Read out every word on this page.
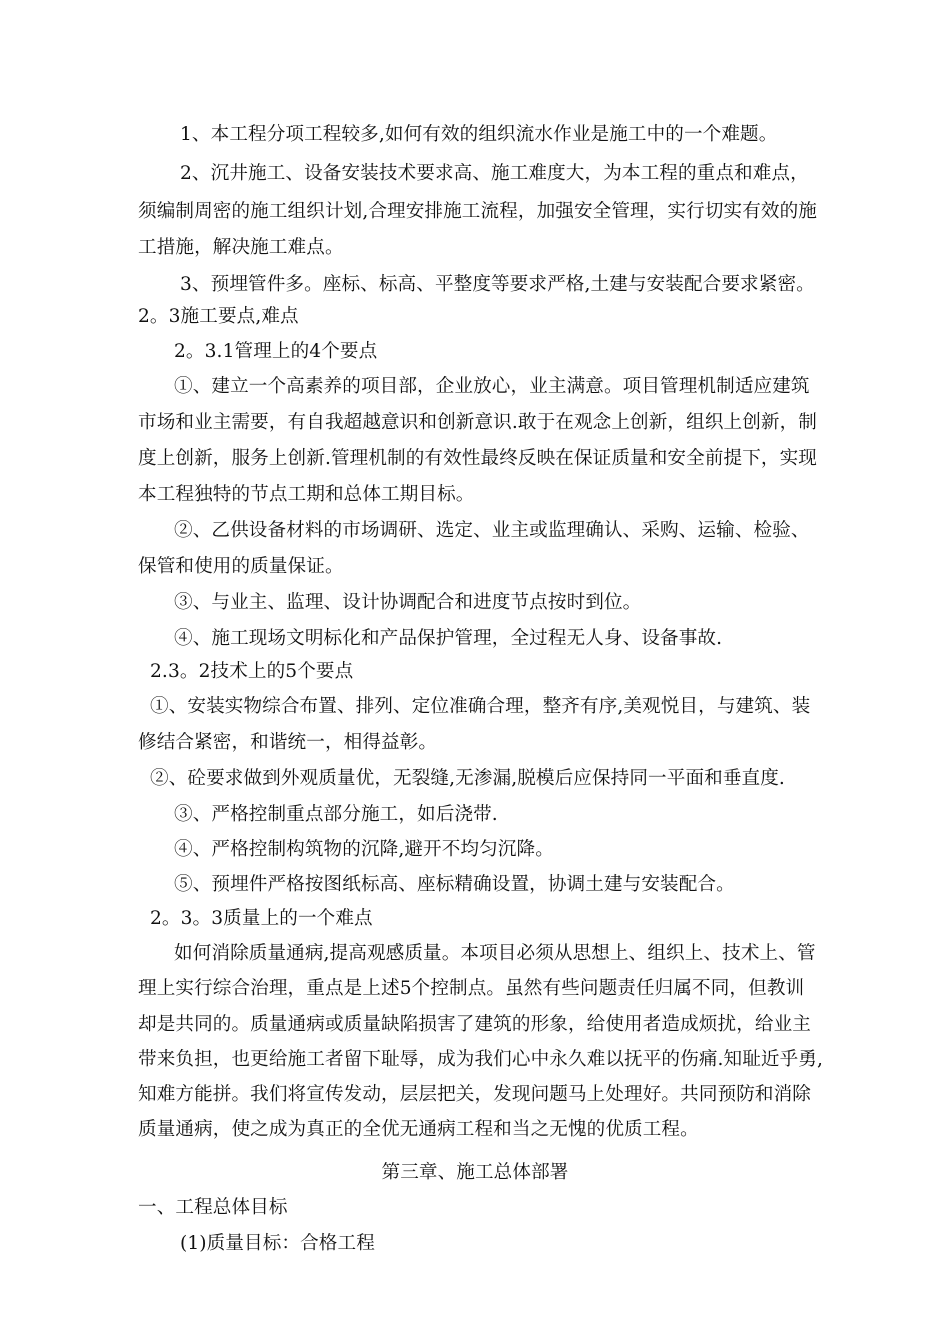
1、本工程分项工程较多,如何有效的组织流水作业是施工中的一个难题。
2、沉井施工、设备安装技术要求高、施工难度大，为本工程的重点和难点，
须编制周密的施工组织计划,合理安排施工流程，加强安全管理，实行切实有效的施
工措施，解决施工难点。
3、预埋管件多。座标、标高、平整度等要求严格,土建与安装配合要求紧密。
2。3施工要点,难点
2。3.1管理上的4个要点
①、建立一个高素养的项目部，企业放心，业主满意。项目管理机制适应建筑
市场和业主需要，有自我超越意识和创新意识.敢于在观念上创新，组织上创新，制
度上创新，服务上创新.管理机制的有效性最终反映在保证质量和安全前提下，实现
本工程独特的节点工期和总体工期目标。
②、乙供设备材料的市场调研、选定、业主或监理确认、采购、运输、检验、
保管和使用的质量保证。
③、与业主、监理、设计协调配合和进度节点按时到位。
④、施工现场文明标化和产品保护管理，全过程无人身、设备事故.
2.3。2技术上的5个要点
①、安装实物综合布置、排列、定位准确合理，整齐有序,美观悦目，与建筑、装
修结合紧密，和谐统一，相得益彰。
②、砼要求做到外观质量优，无裂缝,无渗漏,脱模后应保持同一平面和垂直度.
③、严格控制重点部分施工，如后浇带.
④、严格控制构筑物的沉降,避开不均匀沉降。
⑤、预埋件严格按图纸标高、座标精确设置，协调土建与安装配合。
2。3。3质量上的一个难点
如何消除质量通病,提高观感质量。本项目必须从思想上、组织上、技术上、管
理上实行综合治理，重点是上述5个控制点。虽然有些问题责任归属不同，但教训
却是共同的。质量通病或质量缺陷损害了建筑的形象，给使用者造成烦扰，给业主
带来负担，也更给施工者留下耻辱，成为我们心中永久难以抚平的伤痛.知耻近乎勇,
知难方能拼。我们将宣传发动，层层把关，发现问题马上处理好。共同预防和消除
质量通病，使之成为真正的全优无通病工程和当之无愧的优质工程。
第三章、施工总体部署
一、工程总体目标
(1)质量目标：合格工程
